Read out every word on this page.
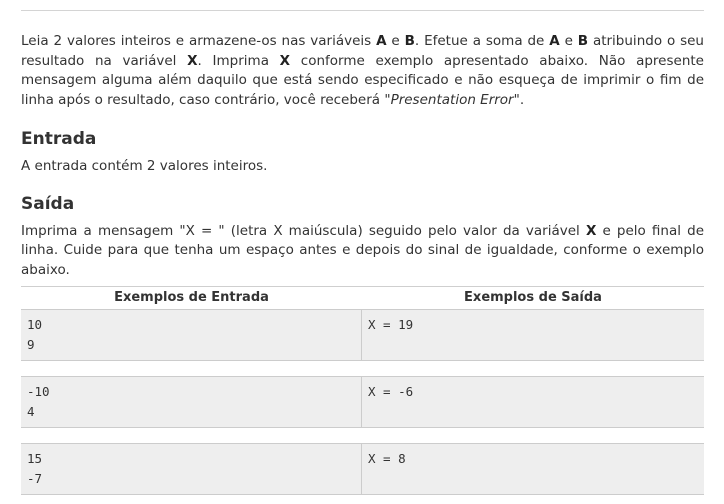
Leia 2 valores inteiros e armazene-os nas variáveis A e B. Efetue a soma de A e B atribuindo o seu resultado na variável X. Imprima X conforme exemplo apresentado abaixo. Não apresente mensagem alguma além daquilo que está sendo especificado e não esqueça de imprimir o fim de linha após o resultado, caso contrário, você receberá "Presentation Error".

Entrada

A entrada contém 2 valores inteiros.

Saída

Imprima a mensagem "X = " (letra X maiúscula) seguido pelo valor da variável X e pelo final de linha. Cuide para que tenha um espaço antes e depois do sinal de igualdade, conforme o exemplo abaixo.

Exemplos de Entrada	Exemplos de Saída
10
9
X = 19
-10
4
X = -6
15
-7
X = 8
